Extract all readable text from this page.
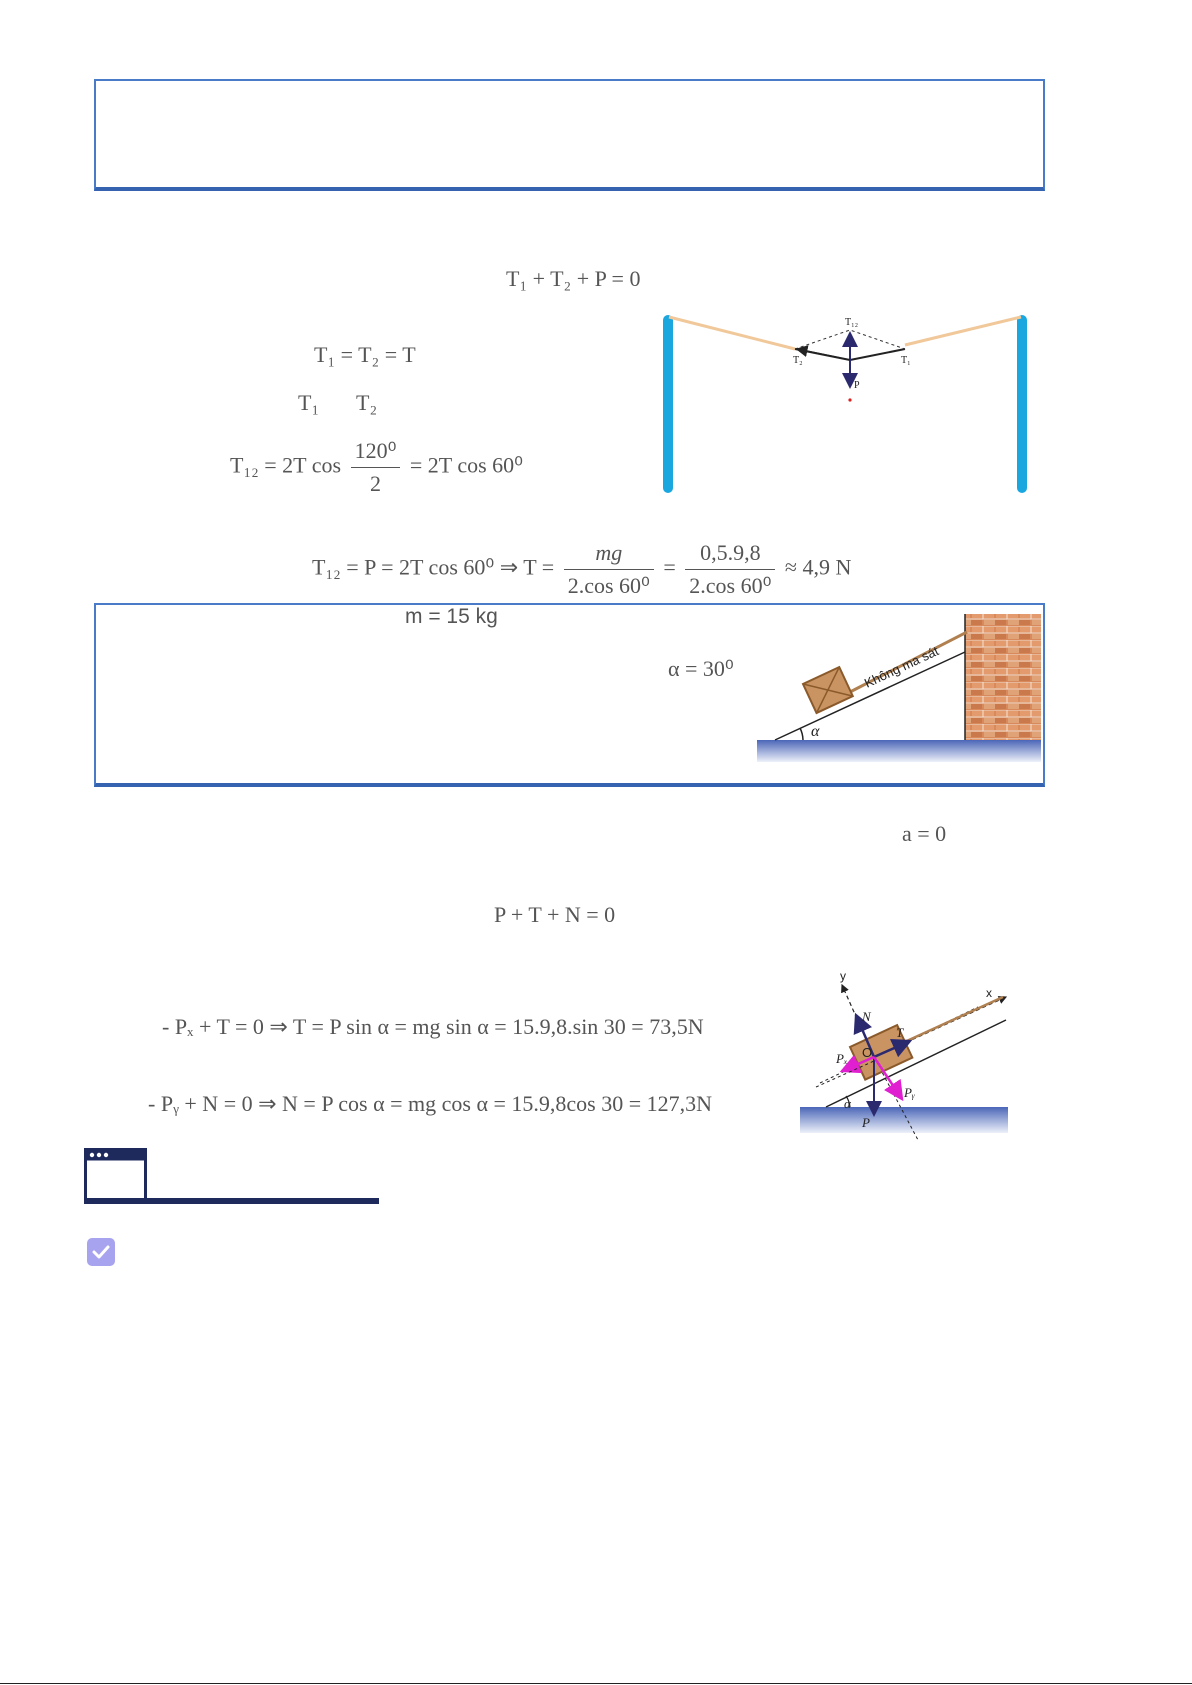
T₁ + T₂ + P = 0
T₁ = T₂ = T
T₁ T₂
T₁₂ = 2T $\cos \frac{\text{120⁰}}{2} = 2T$ cos 60⁰
T₁₂
T₂	T₁
P
T₁₂ = P = 2T cos 60⁰ ⇒ $T = \frac{mg}{\text{2.cos 60⁰}} = \frac{0,5.9,8}{\text{2.cos 60⁰}} \approx 4,9$ N
m = 15 kg
α = 30⁰	Không ma sát
α
a = 0
P + T + N = 0
- Pₓ + T = 0 ⇒ T = P sin α = mg sin α = 15.9,8.sin 30 = 73,5N
- Pᵧ + N = 0 ⇒ N = P cos α = mg cos α = 15.9,8cos 30 = 127,3N
y
x
N
T
O
Pₓ
Pᵧ
P
α
